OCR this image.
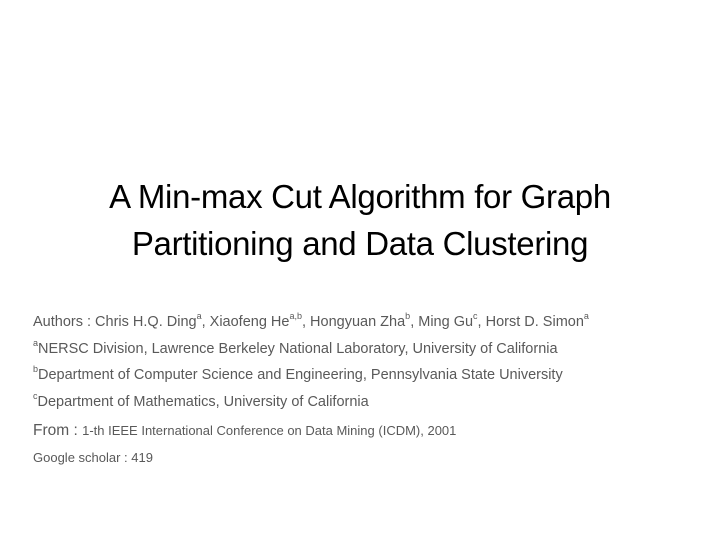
A Min-max Cut Algorithm for Graph
Partitioning and Data Clustering

Authors : Chris H.Q. Ding$^a$, Xiaofeng He$^{a,b}$, Hongyuan Zha$^b$, Ming Gu$^c$, Horst D. Simon$^a$

$^a$NERSC Division, Lawrence Berkeley National Laboratory, University of California

$^b$Department of Computer Science and Engineering, Pennsylvania State University

$^c$Department of Mathematics, University of California

From : 1-th IEEE International Conference on Data Mining (ICDM), 2001

Google scholar : 419
